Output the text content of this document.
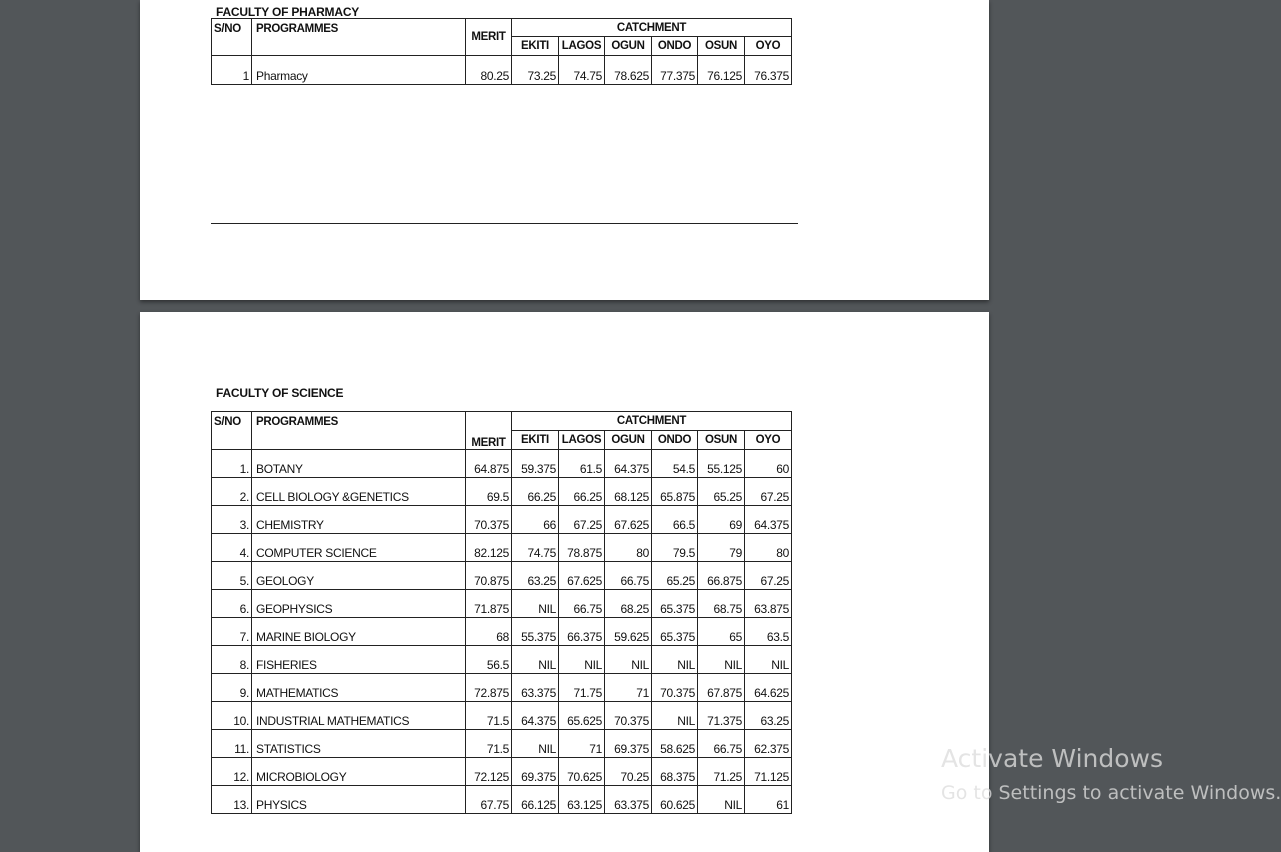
FACULTY OF PHARMACY
S/NO	PROGRAMMES	MERIT	CATCHMENT					
			EKITI	LAGOS	OGUN	ONDO	OSUN	OYO
1	Pharmacy	80.25	73.25	74.75	78.625	77.375	76.125	76.375
FACULTY OF SCIENCE
S/NO	PROGRAMMES	MERIT	CATCHMENT					
			EKITI	LAGOS	OGUN	ONDO	OSUN	OYO
1.	BOTANY	64.875	59.375	61.5	64.375	54.5	55.125	60
2.	CELL BIOLOGY &GENETICS	69.5	66.25	66.25	68.125	65.875	65.25	67.25
3.	CHEMISTRY	70.375	66	67.25	67.625	66.5	69	64.375
4.	COMPUTER SCIENCE	82.125	74.75	78.875	80	79.5	79	80
5.	GEOLOGY	70.875	63.25	67.625	66.75	65.25	66.875	67.25
6.	GEOPHYSICS	71.875	NIL	66.75	68.25	65.375	68.75	63.875
7.	MARINE BIOLOGY	68	55.375	66.375	59.625	65.375	65	63.5
8.	FISHERIES	56.5	NIL	NIL	NIL	NIL	NIL	NIL
9.	MATHEMATICS	72.875	63.375	71.75	71	70.375	67.875	64.625
10.	INDUSTRIAL MATHEMATICS	71.5	64.375	65.625	70.375	NIL	71.375	63.25
11.	STATISTICS	71.5	NIL	71	69.375	58.625	66.75	62.375
12.	MICROBIOLOGY	72.125	69.375	70.625	70.25	68.375	71.25	71.125
13.	PHYSICS	67.75	66.125	63.125	63.375	60.625	NIL	61
Activate Windows
Go to Settings to activate Windows.
